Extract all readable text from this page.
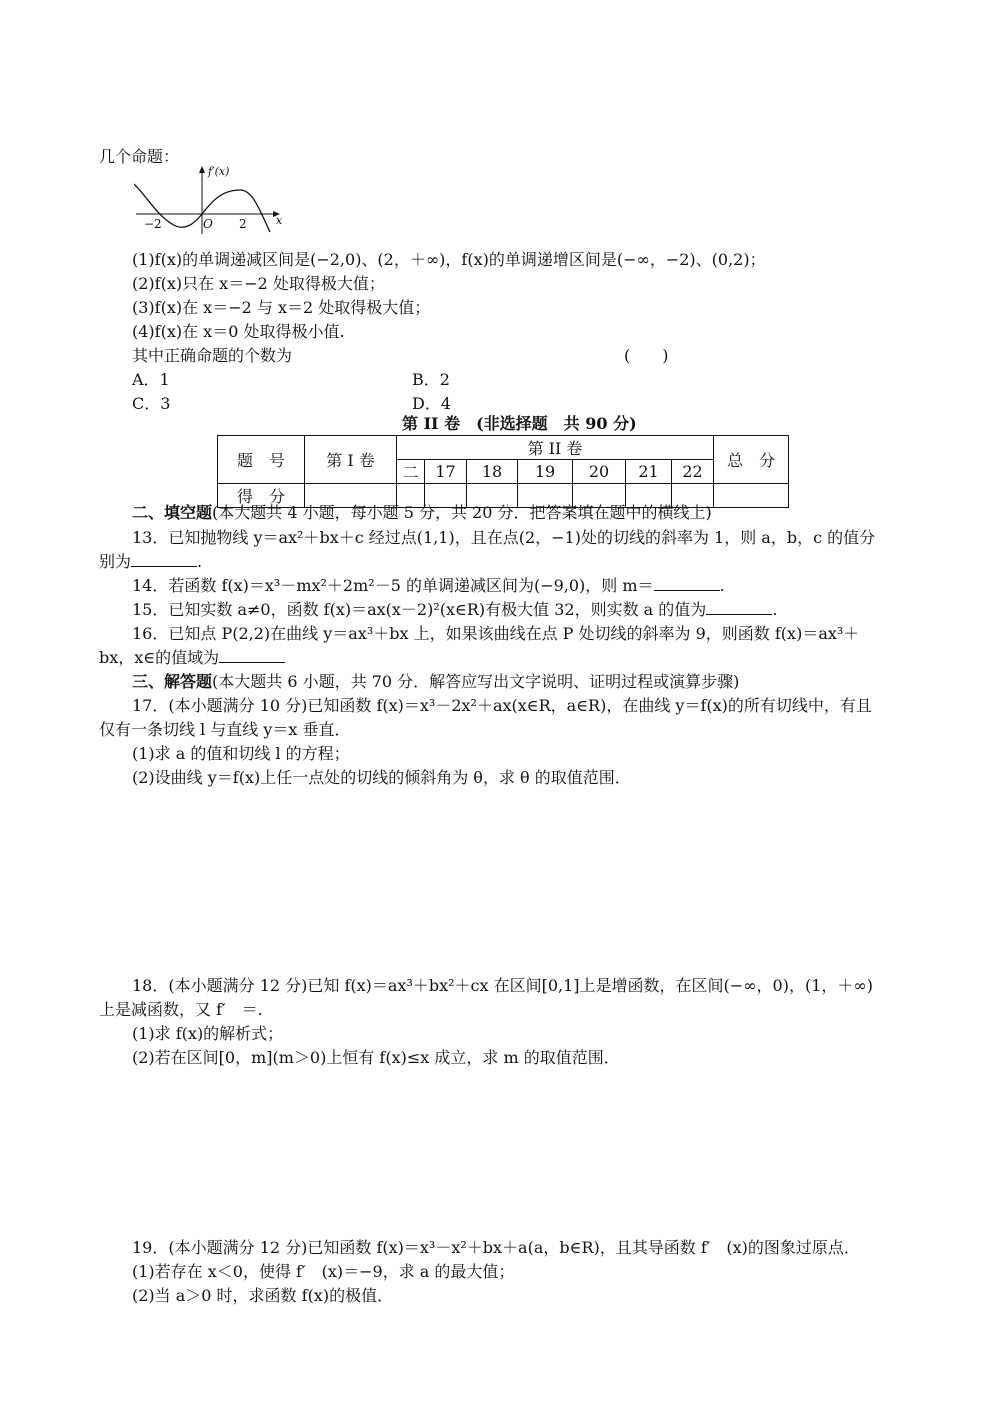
几个命题：
f′(x)
x
O
−2	2
(1)f(x)的单调递减区间是(−2,0)、(2，＋∞)，f(x)的单调递增区间是(−∞，−2)、(0,2)；
(2)f(x)只在 x＝−2 处取得极大值；
(3)f(x)在 x＝−2 与 x＝2 处取得极大值；
(4)f(x)在 x＝0 处取得极小值.
其中正确命题的个数为	(　　)
A．1	B．2
C．3	D．4
第 II 卷　(非选择题　共 90 分)
题　号	第 I 卷	第 II 卷							总　分
		二	17	18	19	20	21	22	
得　分									
二、填空题(本大题共 4 小题，每小题 5 分，共 20 分．把答案填在题中的横线上)
13．已知抛物线 y＝ax²＋bx＋c 经过点(1,1)，且在点(2，−1)处的切线的斜率为 1，则 a，b，c 的值分
别为	.
14．若函数 f(x)＝x³－mx²＋2m²－5 的单调递减区间为(−9,0)，则 m＝	.
15．已知实数 a≠0，函数 f(x)＝ax(x－2)²(x∈R)有极大值 32，则实数 a 的值为	.
16．已知点 P(2,2)在曲线 y＝ax³＋bx 上，如果该曲线在点 P 处切线的斜率为 9，则函数 f(x)＝ax³＋
bx，x∈的值域为
三、解答题(本大题共 6 小题，共 70 分．解答应写出文字说明、证明过程或演算步骤)
17．(本小题满分 10 分)已知函数 f(x)＝x³－2x²＋ax(x∈R，a∈R)，在曲线 y＝f(x)的所有切线中，有且
仅有一条切线 l 与直线 y＝x 垂直．
(1)求 a 的值和切线 l 的方程；
(2)设曲线 y＝f(x)上任一点处的切线的倾斜角为 θ，求 θ 的取值范围．
18．(本小题满分 12 分)已知 f(x)＝ax³＋bx²＋cx 在区间[0,1]上是增函数，在区间(−∞，0)，(1，＋∞)
上是减函数，又 f′　＝.
(1)求 f(x)的解析式；
(2)若在区间[0，m](m＞0)上恒有 f(x)≤x 成立，求 m 的取值范围．
19．(本小题满分 12 分)已知函数 f(x)＝x³－x²＋bx＋a(a，b∈R)，且其导函数 f′　(x)的图象过原点．
(1)若存在 x＜0，使得 f′　(x)＝−9，求 a 的最大值；
(2)当 a＞0 时，求函数 f(x)的极值．
